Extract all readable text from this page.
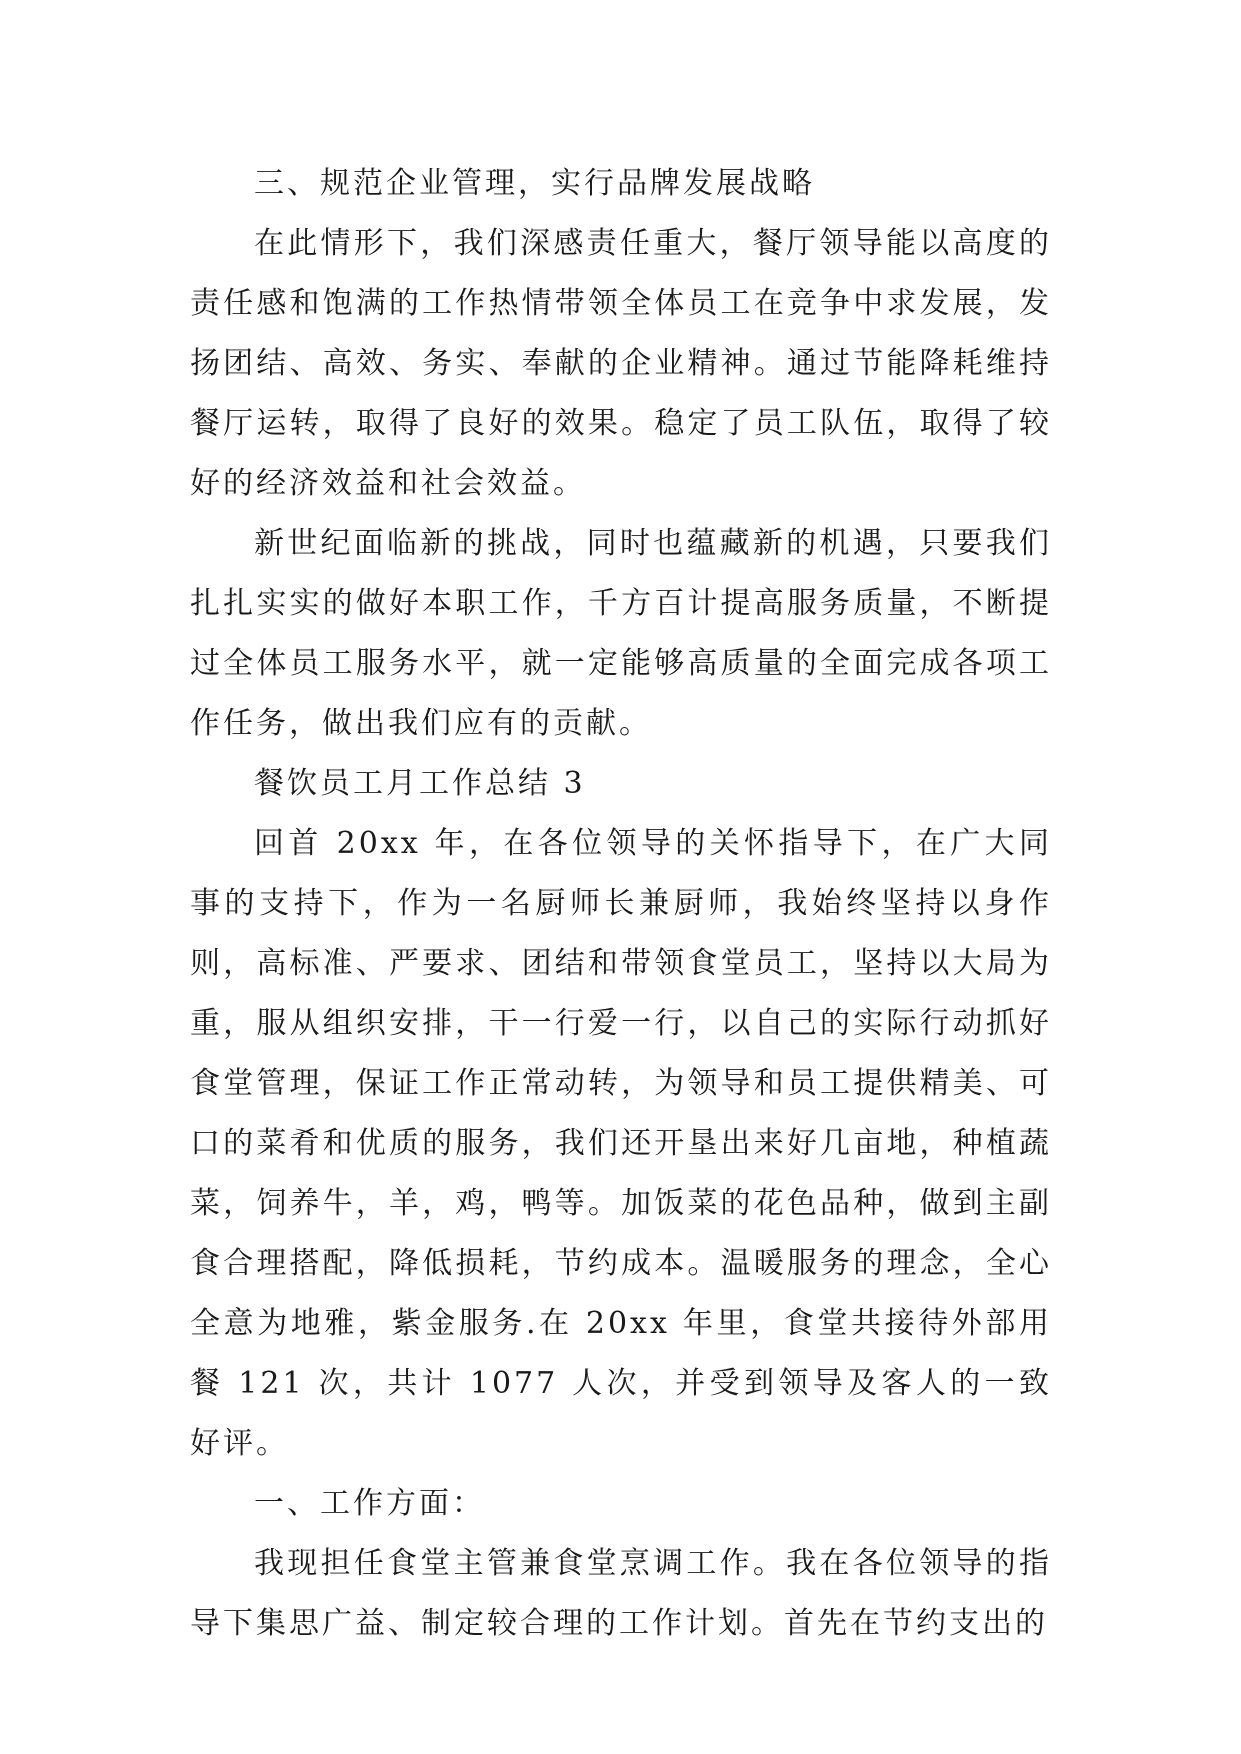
三、规范企业管理，实行品牌发展战略

在此情形下，我们深感责任重大，餐厅领导能以高度的责任感和饱满的工作热情带领全体员工在竞争中求发展，发扬团结、高效、务实、奉献的企业精神。通过节能降耗维持餐厅运转，取得了良好的效果。稳定了员工队伍，取得了较好的经济效益和社会效益。

新世纪面临新的挑战，同时也蕴藏新的机遇，只要我们扎扎实实的做好本职工作，千方百计提高服务质量，不断提过全体员工服务水平，就一定能够高质量的全面完成各项工作任务，做出我们应有的贡献。

餐饮员工月工作总结 3

回首 20xx 年，在各位领导的关怀指导下，在广大同事的支持下，作为一名厨师长兼厨师，我始终坚持以身作则，高标准、严要求、团结和带领食堂员工，坚持以大局为重，服从组织安排，干一行爱一行，以自己的实际行动抓好食堂管理，保证工作正常动转，为领导和员工提供精美、可口的菜肴和优质的服务，我们还开垦出来好几亩地，种植蔬菜，饲养牛，羊，鸡，鸭等。加饭菜的花色品种，做到主副食合理搭配，降低损耗，节约成本。温暖服务的理念，全心全意为地雅，紫金服务.在 20xx 年里，食堂共接待外部用餐 121 次，共计 1077 人次，并受到领导及客人的一致好评。

一、工作方面：

我现担任食堂主管兼食堂烹调工作。我在各位领导的指导下集思广益、制定较合理的工作计划。首先在节约支出的
